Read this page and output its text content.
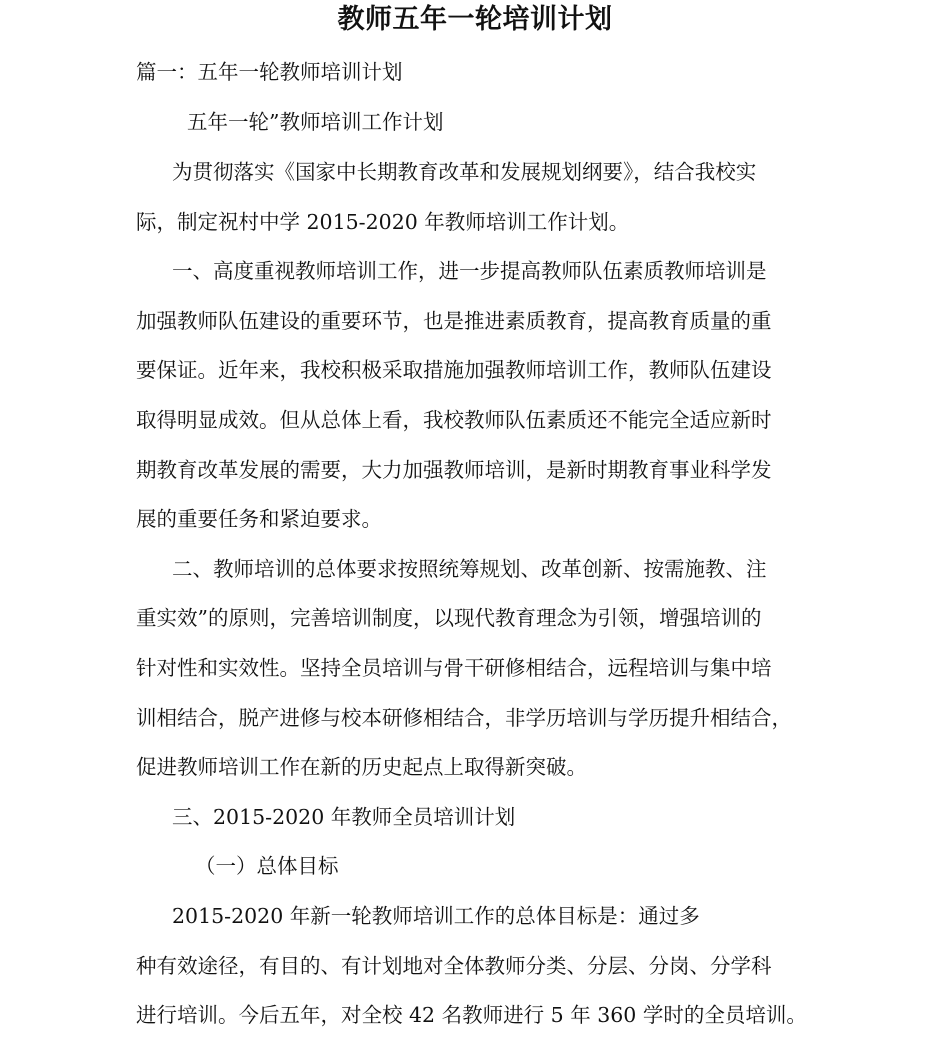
教师五年一轮培训计划

篇一：五年一轮教师培训计划

五年一轮”教师培训工作计划

为贯彻落实《国家中长期教育改革和发展规划纲要》，结合我校实

际，制定祝村中学 2015-2020 年教师培训工作计划。

一、高度重视教师培训工作，进一步提高教师队伍素质教师培训是

加强教师队伍建设的重要环节，也是推进素质教育，提高教育质量的重

要保证。近年来，我校积极采取措施加强教师培训工作，教师队伍建设

取得明显成效。但从总体上看，我校教师队伍素质还不能完全适应新时

期教育改革发展的需要，大力加强教师培训，是新时期教育事业科学发

展的重要任务和紧迫要求。

二、教师培训的总体要求按照统筹规划、改革创新、按需施教、注

重实效”的原则，完善培训制度，以现代教育理念为引领，增强培训的

针对性和实效性。坚持全员培训与骨干研修相结合，远程培训与集中培

训相结合，脱产进修与校本研修相结合，非学历培训与学历提升相结合，

促进教师培训工作在新的历史起点上取得新突破。

三、2015-2020 年教师全员培训计划

（一）总体目标

2015-2020 年新一轮教师培训工作的总体目标是：通过多

种有效途径，有目的、有计划地对全体教师分类、分层、分岗、分学科

进行培训。今后五年，对全校 42 名教师进行 5 年 360 学时的全员培训。
